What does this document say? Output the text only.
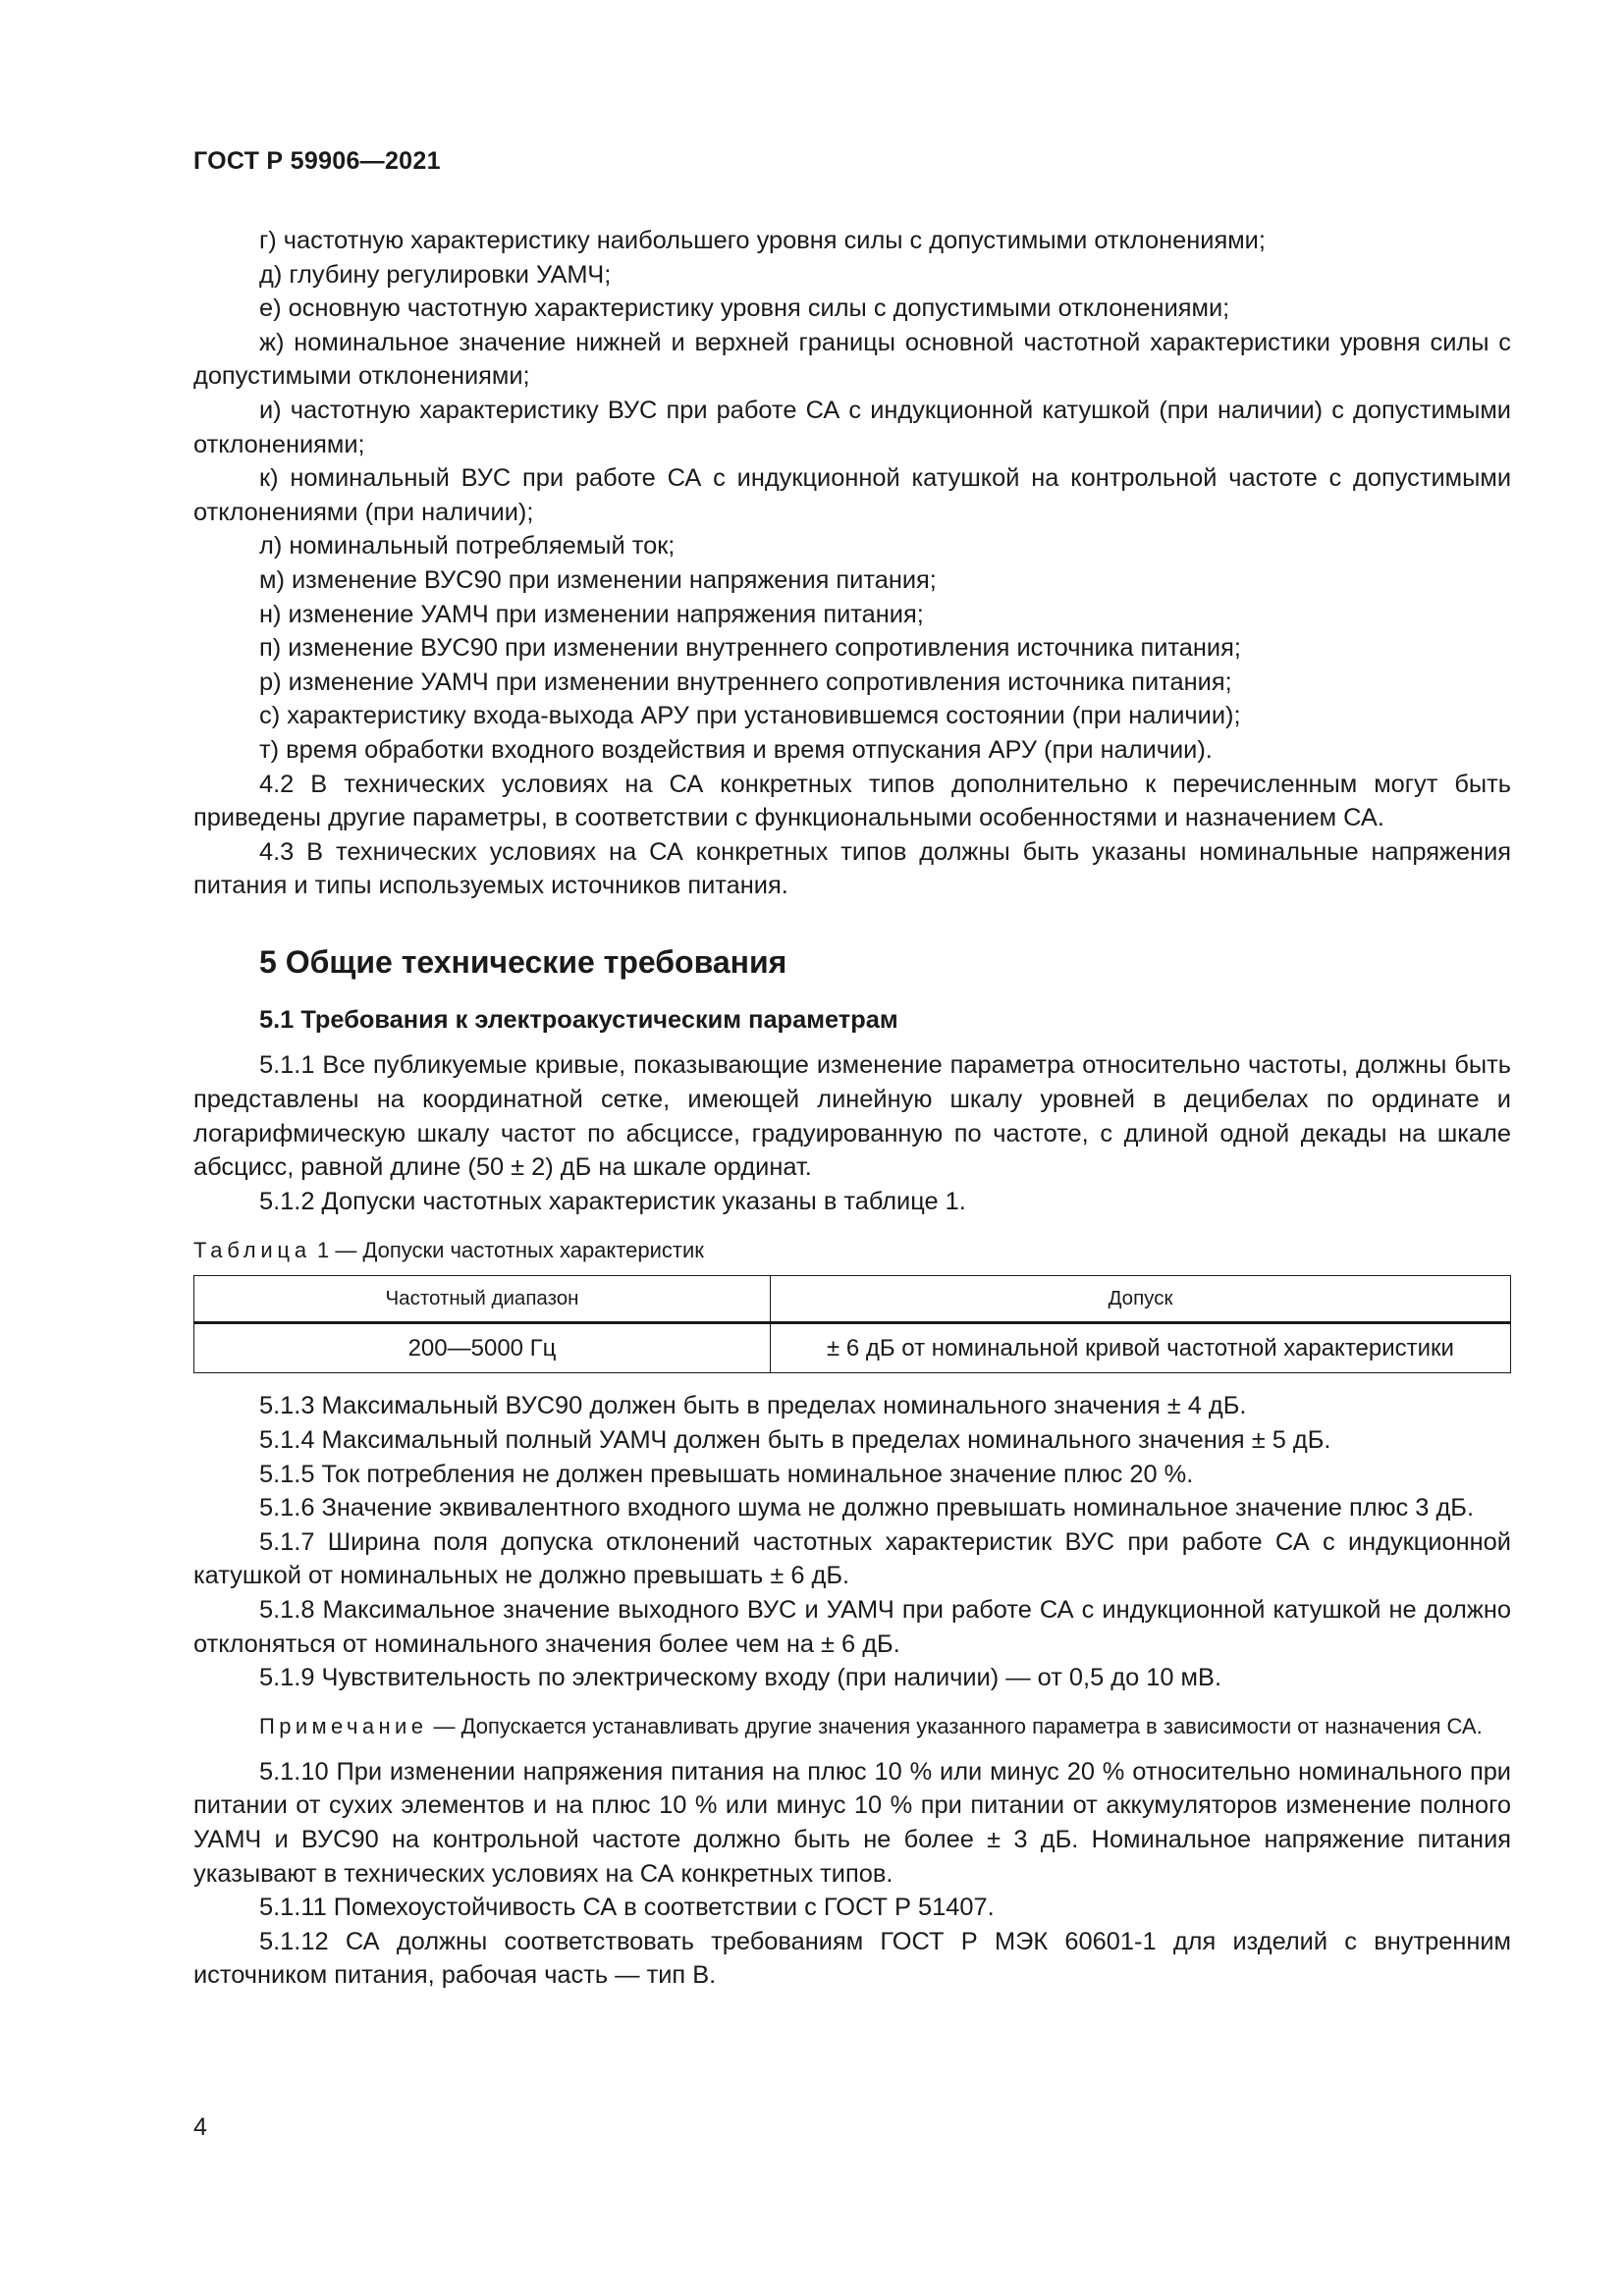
ГОСТ Р 59906—2021

г) частотную характеристику наибольшего уровня силы с допустимыми отклонениями;

д) глубину регулировки УАМЧ;

е) основную частотную характеристику уровня силы с допустимыми отклонениями;

ж) номинальное значение нижней и верхней границы основной частотной характеристики уровня силы с допустимыми отклонениями;

и) частотную характеристику ВУС при работе СА с индукционной катушкой (при наличии) с допустимыми отклонениями;

к) номинальный ВУС при работе СА с индукционной катушкой на контрольной частоте с допустимыми отклонениями (при наличии);

л) номинальный потребляемый ток;

м) изменение ВУС90 при изменении напряжения питания;

н) изменение УАМЧ при изменении напряжения питания;

п) изменение ВУС90 при изменении внутреннего сопротивления источника питания;

р) изменение УАМЧ при изменении внутреннего сопротивления источника питания;

с) характеристику входа-выхода АРУ при установившемся состоянии (при наличии);

т) время обработки входного воздействия и время отпускания АРУ (при наличии).

4.2 В технических условиях на СА конкретных типов дополнительно к перечисленным могут быть приведены другие параметры, в соответствии с функциональными особенностями и назначением СА.

4.3 В технических условиях на СА конкретных типов должны быть указаны номинальные напряжения питания и типы используемых источников питания.

5 Общие технические требования
5.1 Требования к электроакустическим параметрам

5.1.1 Все публикуемые кривые, показывающие изменение параметра относительно частоты, должны быть представлены на координатной сетке, имеющей линейную шкалу уровней в децибелах по ординате и логарифмическую шкалу частот по абсциссе, градуированную по частоте, с длиной одной декады на шкале абсцисс, равной длине (50 ± 2) дБ на шкале ординат.

5.1.2 Допуски частотных характеристик указаны в таблице 1.

Таблица 1 — Допуски частотных характеристик
Частотный диапазон	Допуск
200—5000 Гц	± 6 дБ от номинальной кривой частотной характеристики

5.1.3 Максимальный ВУС90 должен быть в пределах номинального значения ± 4 дБ.

5.1.4 Максимальный полный УАМЧ должен быть в пределах номинального значения ± 5 дБ.

5.1.5 Ток потребления не должен превышать номинальное значение плюс 20 %.

5.1.6 Значение эквивалентного входного шума не должно превышать номинальное значение плюс 3 дБ.

5.1.7 Ширина поля допуска отклонений частотных характеристик ВУС при работе СА с индукционной катушкой от номинальных не должно превышать ± 6 дБ.

5.1.8 Максимальное значение выходного ВУС и УАМЧ при работе СА с индукционной катушкой не должно отклоняться от номинального значения более чем на ± 6 дБ.

5.1.9 Чувствительность по электрическому входу (при наличии) — от 0,5 до 10 мВ.

Примечание — Допускается устанавливать другие значения указанного параметра в зависимости от назначения СА.

5.1.10 При изменении напряжения питания на плюс 10 % или минус 20 % относительно номинального при питании от сухих элементов и на плюс 10 % или минус 10 % при питании от аккумуляторов изменение полного УАМЧ и ВУС90 на контрольной частоте должно быть не более ± 3 дБ. Номинальное напряжение питания указывают в технических условиях на СА конкретных типов.

5.1.11 Помехоустойчивость СА в соответствии с ГОСТ Р 51407.

5.1.12 СА должны соответствовать требованиям ГОСТ Р МЭК 60601-1 для изделий с внутренним источником питания, рабочая часть — тип В.

4
